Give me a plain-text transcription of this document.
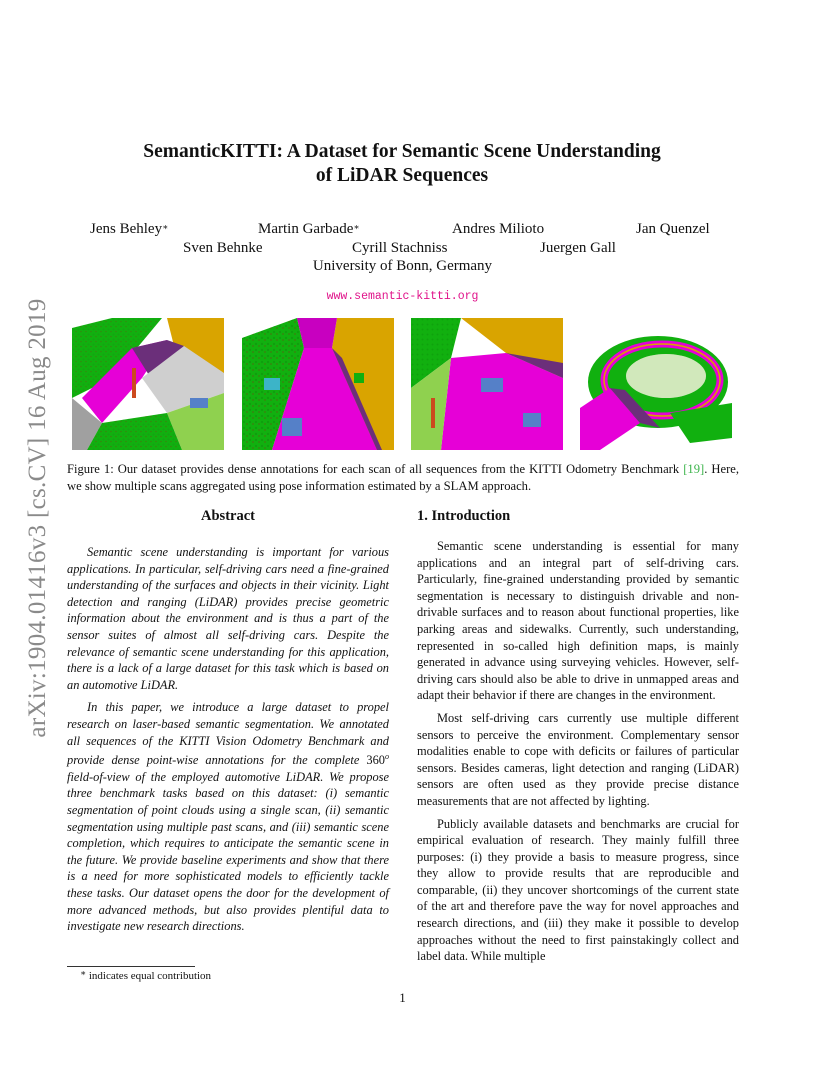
arXiv:1904.01416v3 [cs.CV] 16 Aug 2019
SemanticKITTI: A Dataset for Semantic Scene Understanding
of LiDAR Sequences
Jens Behley∗	Martin Garbade∗	Andres Milioto	Jan Quenzel
Sven Behnke	Cyrill Stachniss	Juergen Gall
University of Bonn, Germany
www.semantic-kitti.org
Figure 1: Our dataset provides dense annotations for each scan of all sequences from the KITTI Odometry Benchmark [19]. Here, we show multiple scans aggregated using pose information estimated by a SLAM approach.
Abstract

Semantic scene understanding is important for various applications. In particular, self-driving cars need a fine-grained understanding of the surfaces and objects in their vicinity. Light detection and ranging (LiDAR) provides precise geometric information about the environment and is thus a part of the sensor suites of almost all self-driving cars. Despite the relevance of semantic scene understanding for this application, there is a lack of a large dataset for this task which is based on an automotive LiDAR.

In this paper, we introduce a large dataset to propel research on laser-based semantic segmentation. We annotated all sequences of the KITTI Vision Odometry Benchmark and provide dense point-wise annotations for the complete 360$^o$ field-of-view of the employed automotive LiDAR. We propose three benchmark tasks based on this dataset: (i) semantic segmentation of point clouds using a single scan, (ii) semantic segmentation using multiple past scans, and (iii) semantic scene completion, which requires to anticipate the semantic scene in the future. We provide baseline experiments and show that there is a need for more sophisticated models to efficiently tackle these tasks. Our dataset opens the door for the development of more advanced methods, but also provides plentiful data to investigate new research directions.

1. Introduction

Semantic scene understanding is essential for many applications and an integral part of self-driving cars. Particularly, fine-grained understanding provided by semantic segmentation is necessary to distinguish drivable and non-drivable surfaces and to reason about functional properties, like parking areas and sidewalks. Currently, such understanding, represented in so-called high definition maps, is mainly generated in advance using surveying vehicles. However, self-driving cars should also be able to drive in unmapped areas and adapt their behavior if there are changes in the environment.

Most self-driving cars currently use multiple different sensors to perceive the environment. Complementary sensor modalities enable to cope with deficits or failures of particular sensors. Besides cameras, light detection and ranging (LiDAR) sensors are often used as they provide precise distance measurements that are not affected by lighting.

Publicly available datasets and benchmarks are crucial for empirical evaluation of research. They mainly fulfill three purposes: (i) they provide a basis to measure progress, since they allow to provide results that are reproducible and comparable, (ii) they uncover shortcomings of the current state of the art and therefore pave the way for novel approaches and research directions, and (iii) they make it possible to develop approaches without the need to first painstakingly collect and label data. While multiple

∗ indicates equal contribution
1
